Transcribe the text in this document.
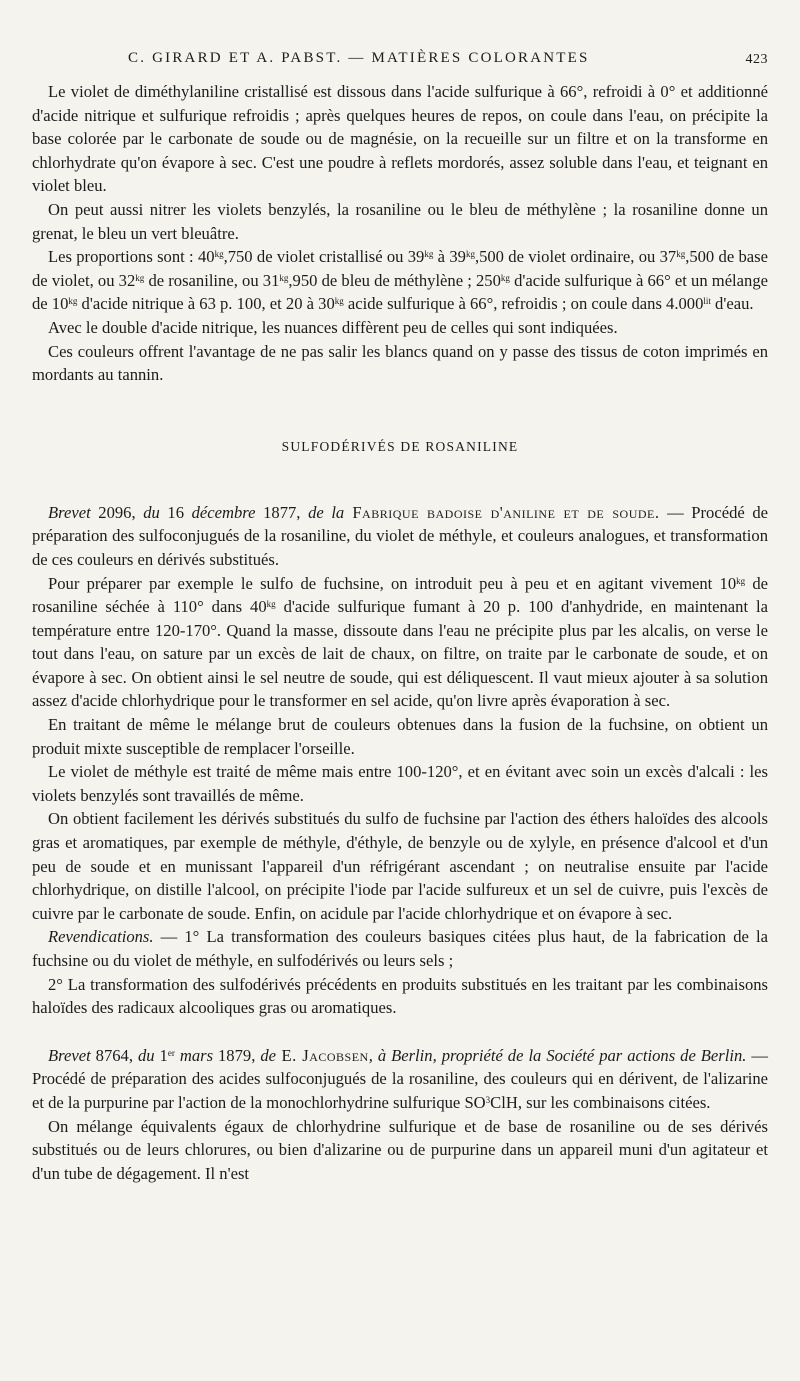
C. GIRARD ET A. PABST. — MATIÈRES COLORANTES	423

Le violet de diméthylaniline cristallisé est dissous dans l'acide sulfurique à 66°, refroidi à 0° et additionné d'acide nitrique et sulfurique refroidis ; après quelques heures de repos, on coule dans l'eau, on précipite la base colorée par le carbonate de soude ou de magnésie, on la recueille sur un filtre et on la transforme en chlorhydrate qu'on évapore à sec. C'est une poudre à reflets mordorés, assez soluble dans l'eau, et teignant en violet bleu.

On peut aussi nitrer les violets benzylés, la rosaniline ou le bleu de méthylène ; la rosaniline donne un grenat, le bleu un vert bleuâtre.

Les proportions sont : $40^{kg},750$ de violet cristallisé ou $39^{kg}$ à $39^{kg},500$ de violet ordinaire, ou $37^{kg},500$ de base de violet, ou $32^{kg}$ de rosaniline, ou $31^{kg},950$ de bleu de méthylène ; $250^{kg}$ d'acide sulfurique à 66° et un mélange de $10^{kg}$ d'acide nitrique à 63 p. 100, et 20 à $30^{kg}$ acide sulfurique à 66°, refroidis ; on coule dans $4.000^{lit}$ d'eau.

Avec le double d'acide nitrique, les nuances diffèrent peu de celles qui sont indiquées.

Ces couleurs offrent l'avantage de ne pas salir les blancs quand on y passe des tissus de coton imprimés en mordants au tannin.

SULFODÉRIVÉS DE ROSANILINE

Brevet 2096, du 16 décembre 1877, de la Fabrique badoise d'aniline et de soude. — Procédé de préparation des sulfoconjugués de la rosaniline, du violet de méthyle, et couleurs analogues, et transformation de ces couleurs en dérivés substitués.

Pour préparer par exemple le sulfo de fuchsine, on introduit peu à peu et en agitant vivement $10^{kg}$ de rosaniline séchée à 110° dans $40^{kg}$ d'acide sulfurique fumant à 20 p. 100 d'anhydride, en maintenant la température entre 120-170°. Quand la masse, dissoute dans l'eau ne précipite plus par les alcalis, on verse le tout dans l'eau, on sature par un excès de lait de chaux, on filtre, on traite par le carbonate de soude, et on évapore à sec. On obtient ainsi le sel neutre de soude, qui est déliquescent. Il vaut mieux ajouter à sa solution assez d'acide chlorhydrique pour le transformer en sel acide, qu'on livre après évaporation à sec.

En traitant de même le mélange brut de couleurs obtenues dans la fusion de la fuchsine, on obtient un produit mixte susceptible de remplacer l'orseille.

Le violet de méthyle est traité de même mais entre 100-120°, et en évitant avec soin un excès d'alcali : les violets benzylés sont travaillés de même.

On obtient facilement les dérivés substitués du sulfo de fuchsine par l'action des éthers haloïdes des alcools gras et aromatiques, par exemple de méthyle, d'éthyle, de benzyle ou de xylyle, en présence d'alcool et d'un peu de soude et en munissant l'appareil d'un réfrigérant ascendant ; on neutralise ensuite par l'acide chlorhydrique, on distille l'alcool, on précipite l'iode par l'acide sulfureux et un sel de cuivre, puis l'excès de cuivre par le carbonate de soude. Enfin, on acidule par l'acide chlorhydrique et on évapore à sec.

Revendications. — 1° La transformation des couleurs basiques citées plus haut, de la fabrication de la fuchsine ou du violet de méthyle, en sulfodérivés ou leurs sels ;

2° La transformation des sulfodérivés précédents en produits substitués en les traitant par les combinaisons haloïdes des radicaux alcooliques gras ou aromatiques.

Brevet 8764, du 1er mars 1879, de E. Jacobsen, à Berlin, propriété de la Société par actions de Berlin. — Procédé de préparation des acides sulfoconjugués de la rosaniline, des couleurs qui en dérivent, de l'alizarine et de la purpurine par l'action de la monochlorhydrine sulfurique $SO^3ClH$, sur les combinaisons citées.

On mélange équivalents égaux de chlorhydrine sulfurique et de base de rosaniline ou de ses dérivés substitués ou de leurs chlorures, ou bien d'alizarine ou de purpurine dans un appareil muni d'un agitateur et d'un tube de dégagement. Il n'est
